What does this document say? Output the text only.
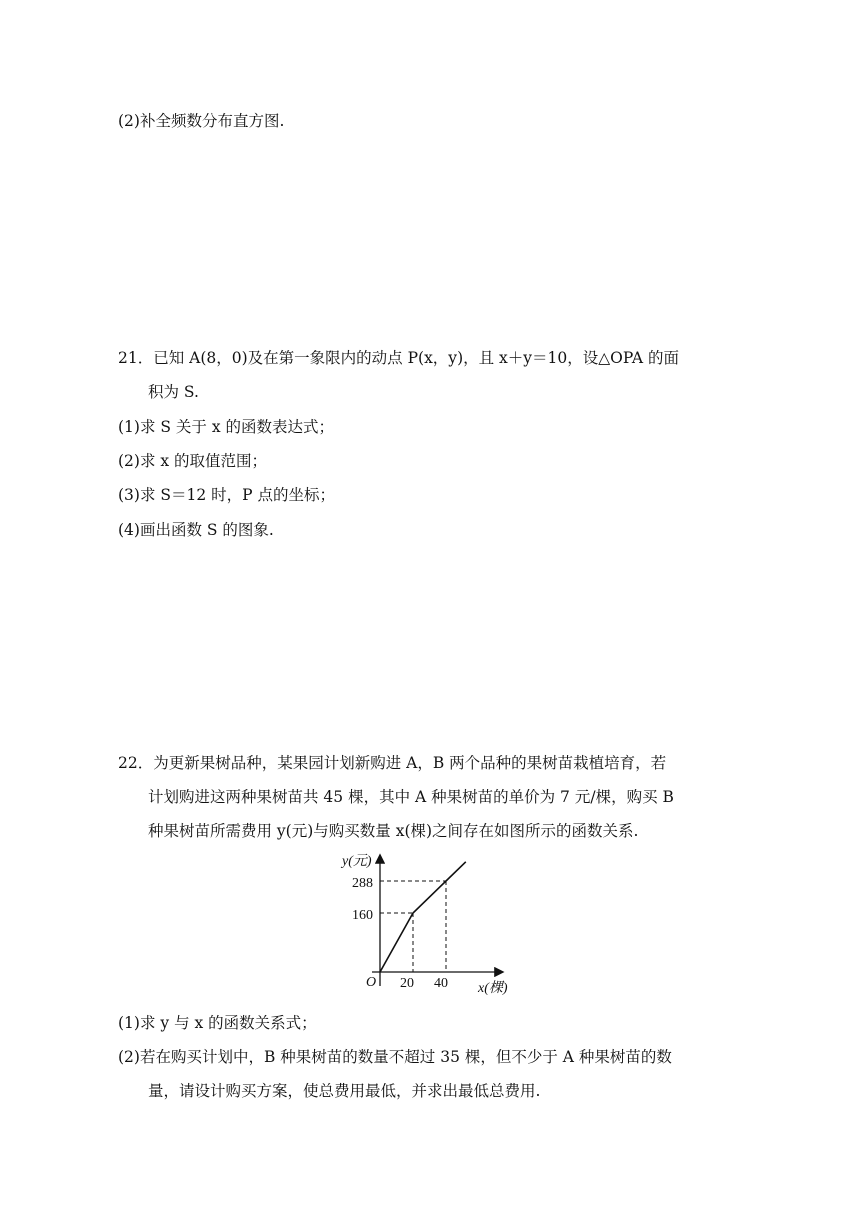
(2)补全频数分布直方图.
21．已知 A(8，0)及在第一象限内的动点 P(x，y)，且 x＋y＝10，设△OPA 的面
积为 S.
(1)求 S 关于 x 的函数表达式；
(2)求 x 的取值范围；
(3)求 S＝12 时，P 点的坐标；
(4)画出函数 S 的图象.
22．为更新果树品种，某果园计划新购进 A，B 两个品种的果树苗栽植培育，若
计划购进这两种果树苗共 45 棵，其中 A 种果树苗的单价为 7 元/棵，购买 B
种果树苗所需费用 y(元)与购买数量 x(棵)之间存在如图所示的函数关系.
y(元)
x(棵)
O 20 40
160
288
(1)求 y 与 x 的函数关系式；
(2)若在购买计划中，B 种果树苗的数量不超过 35 棵，但不少于 A 种果树苗的数
量，请设计购买方案，使总费用最低，并求出最低总费用.
